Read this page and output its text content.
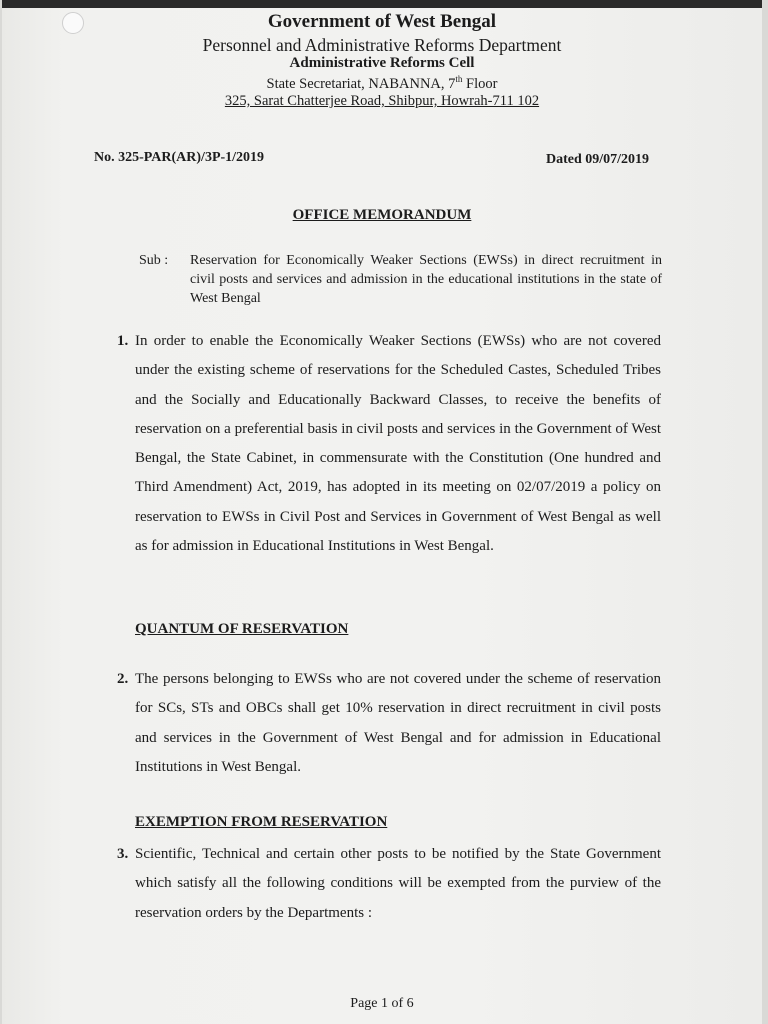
Government of West Bengal
Personnel and Administrative Reforms Department
Administrative Reforms Cell
State Secretariat, NABANNA, 7th Floor
325, Sarat Chatterjee Road, Shibpur, Howrah-711 102
No. 325-PAR(AR)/3P-1/2019	Dated 09/07/2019
OFFICE MEMORANDUM
Sub : Reservation for Economically Weaker Sections (EWSs) in direct recruitment in civil posts and services and admission in the educational institutions in the state of West Bengal
1. In order to enable the Economically Weaker Sections (EWSs) who are not covered under the existing scheme of reservations for the Scheduled Castes, Scheduled Tribes and the Socially and Educationally Backward Classes, to receive the benefits of reservation on a preferential basis in civil posts and services in the Government of West Bengal, the State Cabinet, in commensurate with the Constitution (One hundred and Third Amendment) Act, 2019, has adopted in its meeting on 02/07/2019 a policy on reservation to EWSs in Civil Post and Services in Government of West Bengal as well as for admission in Educational Institutions in West Bengal.
QUANTUM OF RESERVATION
2. The persons belonging to EWSs who are not covered under the scheme of reservation for SCs, STs and OBCs shall get 10% reservation in direct recruitment in civil posts and services in the Government of West Bengal and for admission in Educational Institutions in West Bengal.
EXEMPTION FROM RESERVATION
3. Scientific, Technical and certain other posts to be notified by the State Government which satisfy all the following conditions will be exempted from the purview of the reservation orders by the Departments :
Page 1 of 6
